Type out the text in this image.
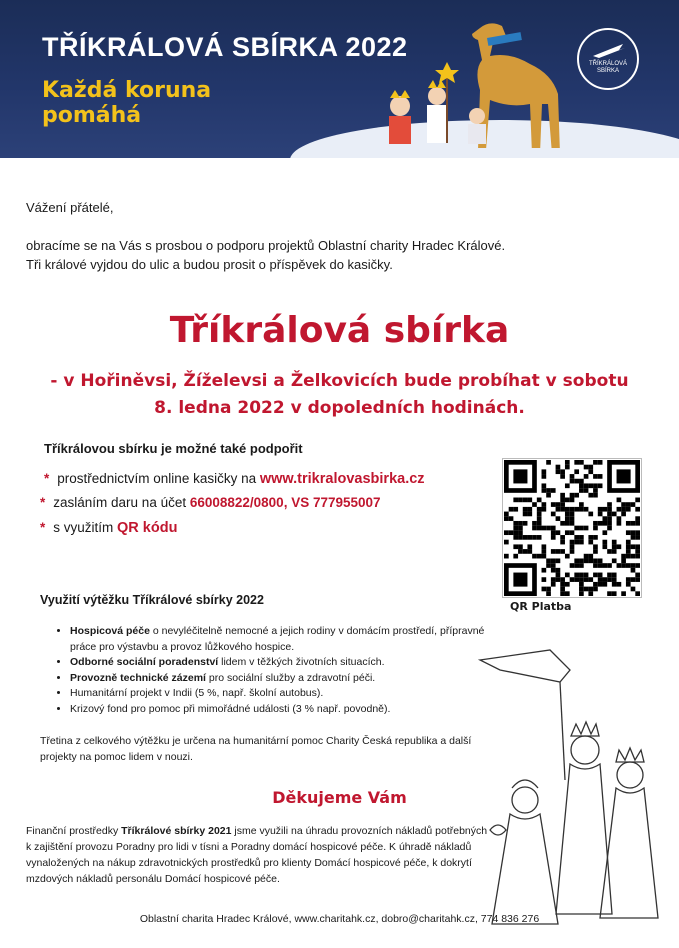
TŘÍKRÁLOVÁ SBÍRKA 2022
Každá koruna pomáhá
TŘÍKRÁLOVÁ SBÍRKA
Vážení přátelé,
obracíme se na Vás s prosbou o podporu projektů Oblastní charity Hradec Králové.
Tři králové vyjdou do ulic a budou prosit o příspěvek do kasičky.
Tříkrálová sbírka
- v Hořiněvsi, Žíželevsi a Želkovicích bude probíhat v sobotu
8. ledna 2022 v dopoledních hodinách.
Tříkrálovou sbírku je možné také podpořit
* prostřednictvím online kasičky na www.trikralovasbirka.cz
* zasláním daru na účet 66008822/0800, VS 777955007
* s využitím QR kódu
QR Platba
Využití výtěžku Tříkrálové sbírky 2022
• Hospicová péče o nevyléčitelně nemocné a jejich rodiny v domácím prostředí, přípravné práce pro výstavbu a provoz lůžkového hospice.
• Odborné sociální poradenství lidem v těžkých životních situacích.
• Provozně technické zázemí pro sociální služby a zdravotní péči.
• Humanitární projekt v Indii (5 %, např. školní autobus).
• Krizový fond pro pomoc při mimořádné události (3 % např. povodně).
Třetina z celkového výtěžku je určena na humanitární pomoc Charity Česká republika a další projekty na pomoc lidem v nouzi.
Děkujeme Vám
Finanční prostředky Tříkrálové sbírky 2021 jsme využili na úhradu provozních nákladů potřebných k zajištění provozu Poradny pro lidi v tísni a Poradny domácí hospicové péče. K úhradě nákladů vynaložených na nákup zdravotnických prostředků pro klienty Domácí hospicové péče, k dokrytí mzdových nákladů personálu Domácí hospicové péče.
Oblastní charita Hradec Králové, www.charitahk.cz, dobro@charitahk.cz, 774 836 276
